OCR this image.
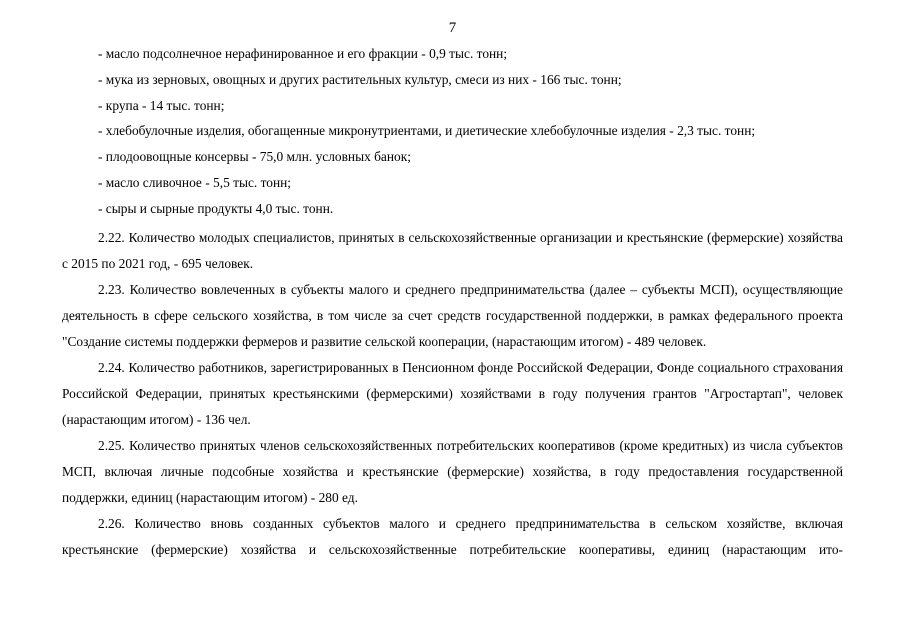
7
- масло подсолнечное нерафинированное и его фракции - 0,9 тыс. тонн;
- мука из зерновых, овощных и других растительных культур, смеси из них - 166 тыс. тонн;
- крупа - 14 тыс. тонн;
- хлебобулочные изделия, обогащенные микронутриентами, и диетические хлебобулочные изделия - 2,3 тыс. тонн;
- плодоовощные консервы - 75,0 млн. условных банок;
- масло сливочное - 5,5 тыс. тонн;
- сыры и сырные продукты 4,0 тыс. тонн.
2.22. Количество молодых специалистов, принятых в сельскохозяйственные организации и крестьянские (фермерские) хозяйства с 2015 по 2021 год, - 695 человек.
2.23. Количество вовлеченных в субъекты малого и среднего предпринимательства (далее – субъекты МСП), осуществляющие деятельность в сфере сельского хозяйства, в том числе за счет средств государственной поддержки, в рамках федерального проекта "Создание системы поддержки фермеров и развитие сельской кооперации, (нарастающим итогом) - 489 человек.
2.24. Количество работников, зарегистрированных в Пенсионном фонде Российской Федерации, Фонде социального страхования Российской Федерации, принятых крестьянскими (фермерскими) хозяйствами в году получения грантов "Агростартап", человек (нарастающим итогом) - 136 чел.
2.25. Количество принятых членов сельскохозяйственных потребительских кооперативов (кроме кредитных) из числа субъектов МСП, включая личные подсобные хозяйства и крестьянские (фермерские) хозяйства, в году предоставления государственной поддержки, единиц (нарастающим итогом) - 280 ед.
2.26. Количество вновь созданных субъектов малого и среднего предпринимательства в сельском хозяйстве, включая крестьянские (фермерские) хозяйства и сельскохозяйственные потребительские кооперативы, единиц (нарастающим ито-
